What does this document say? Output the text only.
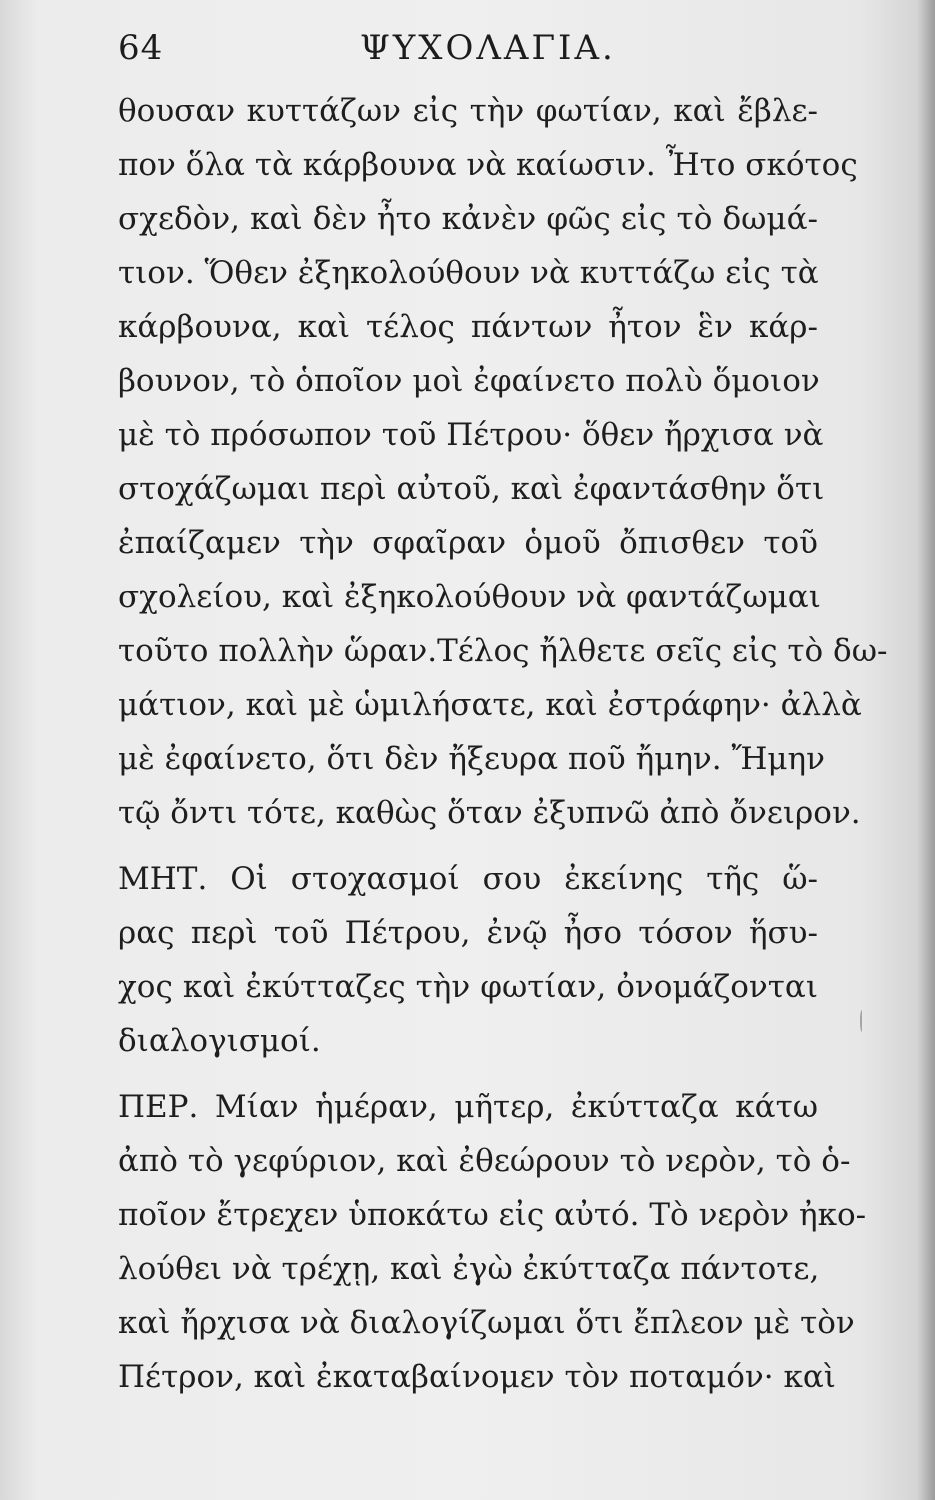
64	ΨΥΧΟΛΑΓΙΑ.
θουσαν κυττάζων εἰς τὴν φωτίαν, καὶ ἔβλε-
πον ὅλα τὰ κάρβουνα νὰ καίωσιν. Ἦτο σκότος
σχεδὸν, καὶ δὲν ἦτο κἀνὲν φῶς εἰς τὸ δωμά-
τιον. Ὅθεν ἐξηκολούθουν νὰ κυττάζω εἰς τὰ
κάρβουνα, καὶ τέλος πάντων ἦτον ἓν κάρ-
βουνον, τὸ ὁποῖον μοὶ ἐφαίνετο πολὺ ὅμοιον
μὲ τὸ πρόσωπον τοῦ Πέτρου· ὅθεν ἤρχισα νὰ
στοχάζωμαι περὶ αὐτοῦ, καὶ ἐφαντάσθην ὅτι
ἐπαίζαμεν τὴν σφαῖραν ὁμοῦ ὄπισθεν τοῦ
σχολείου, καὶ ἐξηκολούθουν νὰ φαντάζωμαι
τοῦτο πολλὴν ὥραν.Τέλος ἤλθετε σεῖς εἰς τὸ δω-
μάτιον, καὶ μὲ ὡμιλήσατε, καὶ ἐστράφην· ἀλλὰ
μὲ ἐφαίνετο, ὅτι δὲν ἤξευρα ποῦ ἤμην. Ἤμην
τῷ ὄντι τότε, καθὼς ὅταν ἐξυπνῶ ἀπὸ ὄνειρον.
ΜΗΤ. Οἱ στοχασμοί σου ἐκείνης τῆς ὥ-
ρας περὶ τοῦ Πέτρου, ἐνῷ ἦσο τόσον ἥσυ-
χος καὶ ἐκύτταζες τὴν φωτίαν, ὀνομάζονται
διαλογισμοί.
ΠΕΡ. Μίαν ἡμέραν, μῆτερ, ἐκύτταζα κάτω
ἀπὸ τὸ γεφύριον, καὶ ἐθεώρουν τὸ νερὸν, τὸ ὁ-
ποῖον ἔτρεχεν ὑποκάτω εἰς αὐτό. Τὸ νερὸν ἠκο-
λούθει νὰ τρέχῃ, καὶ ἐγὼ ἐκύτταζα πάντοτε,
καὶ ἤρχισα νὰ διαλογίζωμαι ὅτι ἔπλεον μὲ τὸν
Πέτρον, καὶ ἐκαταβαίνομεν τὸν ποταμόν· καὶ
